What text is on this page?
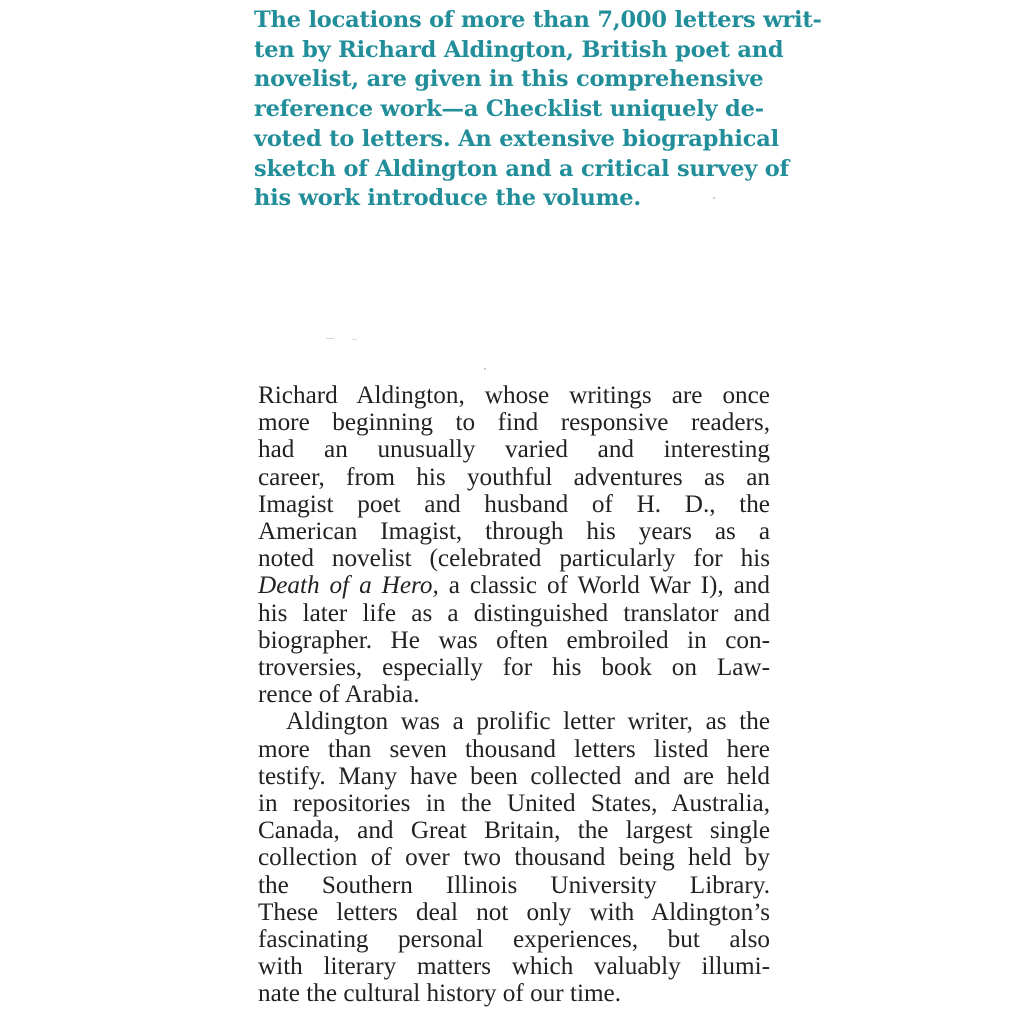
The locations of more than 7,000 letters writ-
ten by Richard Aldington, British poet and
novelist, are given in this comprehensive
reference work—a Checklist uniquely de-
voted to letters. An extensive biographical
sketch of Aldington and a critical survey of
his work introduce the volume.
Richard Aldington, whose writings are once
more beginning to find responsive readers,
had an unusually varied and interesting
career, from his youthful adventures as an
Imagist poet and husband of H. D., the
American Imagist, through his years as a
noted novelist (celebrated particularly for his
Death of a Hero, a classic of World War I), and
his later life as a distinguished translator and
biographer. He was often embroiled in con-
troversies, especially for his book on Law-
rence of Arabia.
Aldington was a prolific letter writer, as the
more than seven thousand letters listed here
testify. Many have been collected and are held
in repositories in the United States, Australia,
Canada, and Great Britain, the largest single
collection of over two thousand being held by
the Southern Illinois University Library.
These letters deal not only with Aldington’s
fascinating personal experiences, but also
with literary matters which valuably illumi-
nate the cultural history of our time.
